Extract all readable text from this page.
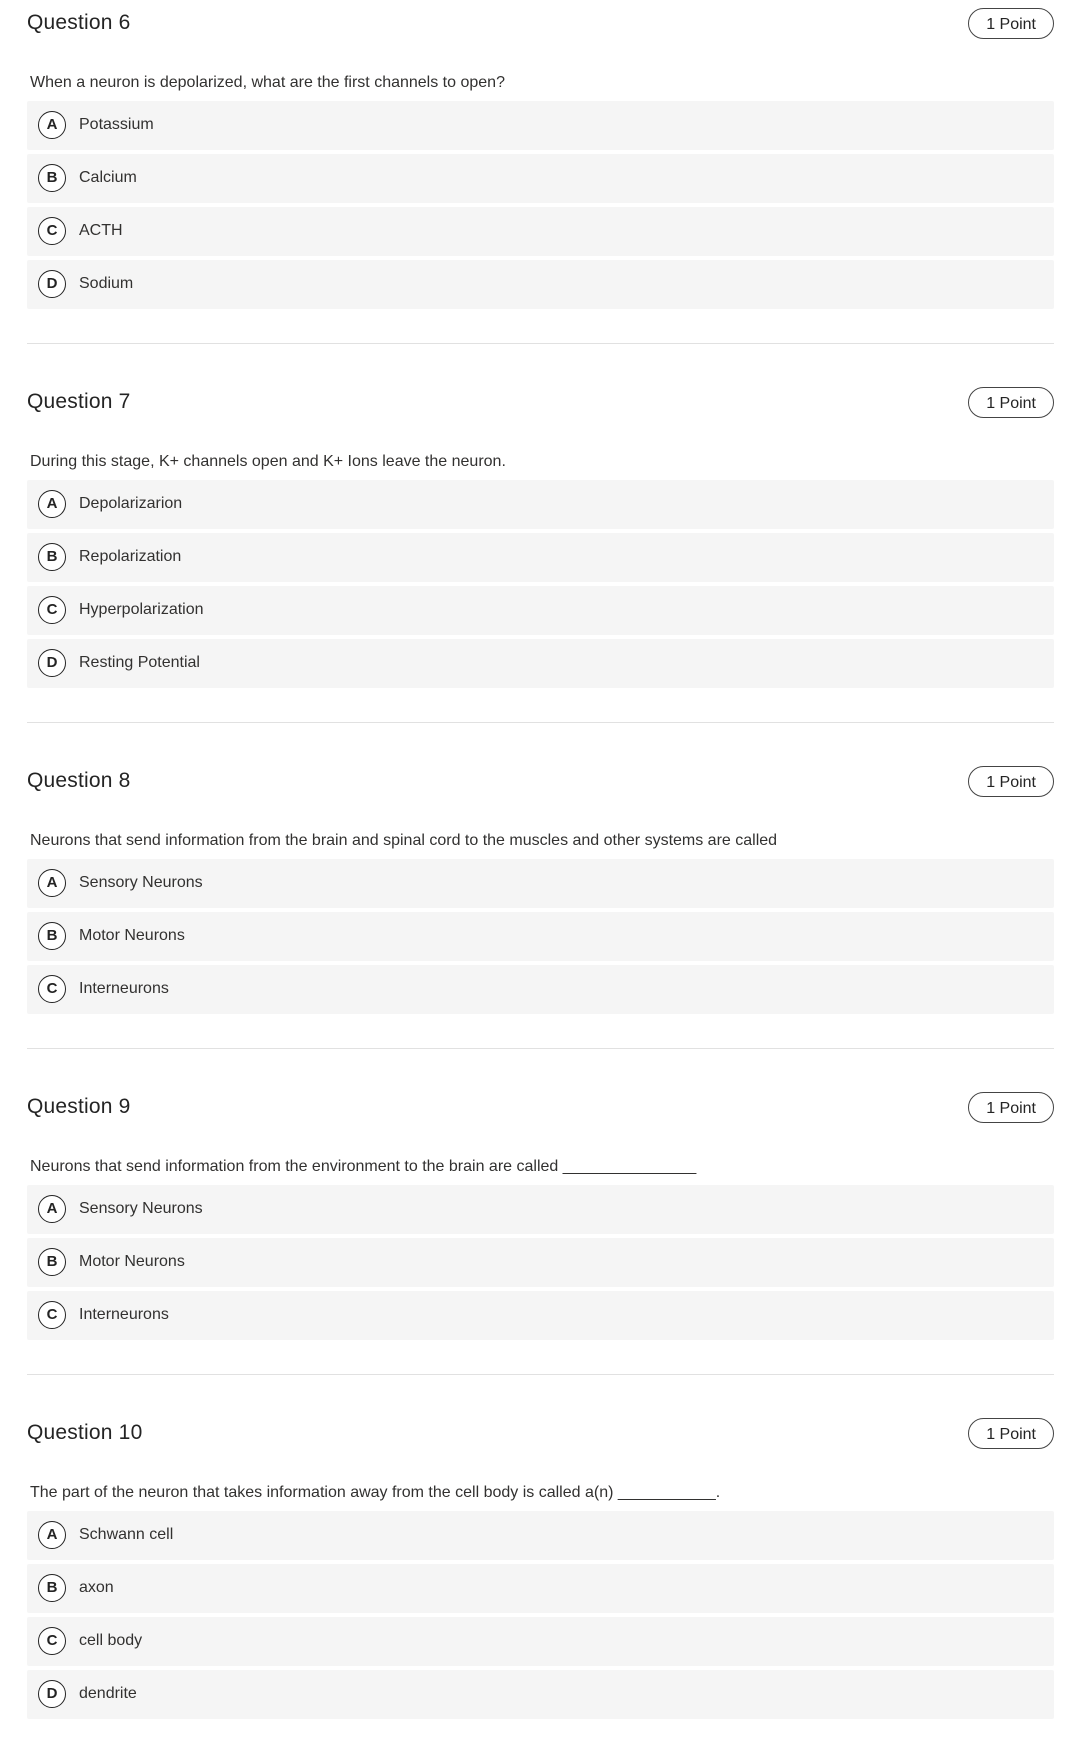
Question 6	1 Point
When a neuron is depolarized, what are the first channels to open?
A	Potassium
B	Calcium
C	ACTH
D	Sodium
Question 7	1 Point
During this stage, K+ channels open and K+ Ions leave the neuron.
A	Depolarizarion
B	Repolarization
C	Hyperpolarization
D	Resting Potential
Question 8	1 Point
Neurons that send information from the brain and spinal cord to the muscles and other systems are called
A	Sensory Neurons
B	Motor Neurons
C	Interneurons
Question 9	1 Point
Neurons that send information from the environment to the brain are called _______________
A	Sensory Neurons
B	Motor Neurons
C	Interneurons
Question 10	1 Point
The part of the neuron that takes information away from the cell body is called a(n) ___________.
A	Schwann cell
B	axon
C	cell body
D	dendrite
